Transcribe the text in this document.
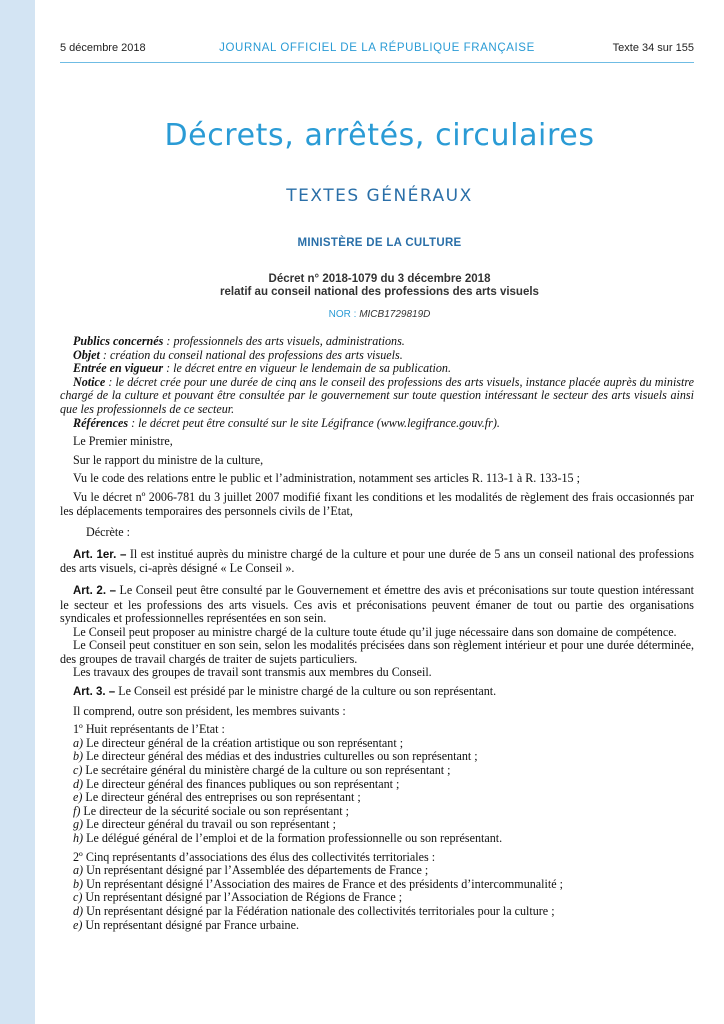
5 décembre 2018	JOURNAL OFFICIEL DE LA RÉPUBLIQUE FRANÇAISE	Texte 34 sur 155
Décrets, arrêtés, circulaires
TEXTES GÉNÉRAUX
MINISTÈRE DE LA CULTURE
Décret n° 2018-1079 du 3 décembre 2018
relatif au conseil national des professions des arts visuels
NOR : MICB1729819D

Publics concernés : professionnels des arts visuels, administrations.

Objet : création du conseil national des professions des arts visuels.

Entrée en vigueur : le décret entre en vigueur le lendemain de sa publication.

Notice : le décret crée pour une durée de cinq ans le conseil des professions des arts visuels, instance placée auprès du ministre chargé de la culture et pouvant être consultée par le gouvernement sur toute question intéressant le secteur des arts visuels ainsi que les professionnels de ce secteur.

Références : le décret peut être consulté sur le site Légifrance (www.legifrance.gouv.fr).

Le Premier ministre,

Sur le rapport du ministre de la culture,

Vu le code des relations entre le public et l’administration, notamment ses articles R. 113-1 à R. 133-15 ;

Vu le décret nº 2006-781 du 3 juillet 2007 modifié fixant les conditions et les modalités de règlement des frais occasionnés par les déplacements temporaires des personnels civils de l’Etat,

Décrète :

Art. 1er. – Il est institué auprès du ministre chargé de la culture et pour une durée de 5 ans un conseil national des professions des arts visuels, ci-après désigné « Le Conseil ».

Art. 2. – Le Conseil peut être consulté par le Gouvernement et émettre des avis et préconisations sur toute question intéressant le secteur et les professions des arts visuels. Ces avis et préconisations peuvent émaner de tout ou partie des organisations syndicales et professionnelles représentées en son sein.

Le Conseil peut proposer au ministre chargé de la culture toute étude qu’il juge nécessaire dans son domaine de compétence.

Le Conseil peut constituer en son sein, selon les modalités précisées dans son règlement intérieur et pour une durée déterminée, des groupes de travail chargés de traiter de sujets particuliers.

Les travaux des groupes de travail sont transmis aux membres du Conseil.

Art. 3. – Le Conseil est présidé par le ministre chargé de la culture ou son représentant.

Il comprend, outre son président, les membres suivants :

1º Huit représentants de l’Etat :

a) Le directeur général de la création artistique ou son représentant ;

b) Le directeur général des médias et des industries culturelles ou son représentant ;

c) Le secrétaire général du ministère chargé de la culture ou son représentant ;

d) Le directeur général des finances publiques ou son représentant ;

e) Le directeur général des entreprises ou son représentant ;

f) Le directeur de la sécurité sociale ou son représentant ;

g) Le directeur général du travail ou son représentant ;

h) Le délégué général de l’emploi et de la formation professionnelle ou son représentant.

2º Cinq représentants d’associations des élus des collectivités territoriales :

a) Un représentant désigné par l’Assemblée des départements de France ;

b) Un représentant désigné l’Association des maires de France et des présidents d’intercommunalité ;

c) Un représentant désigné par l’Association de Régions de France ;

d) Un représentant désigné par la Fédération nationale des collectivités territoriales pour la culture ;

e) Un représentant désigné par France urbaine.
